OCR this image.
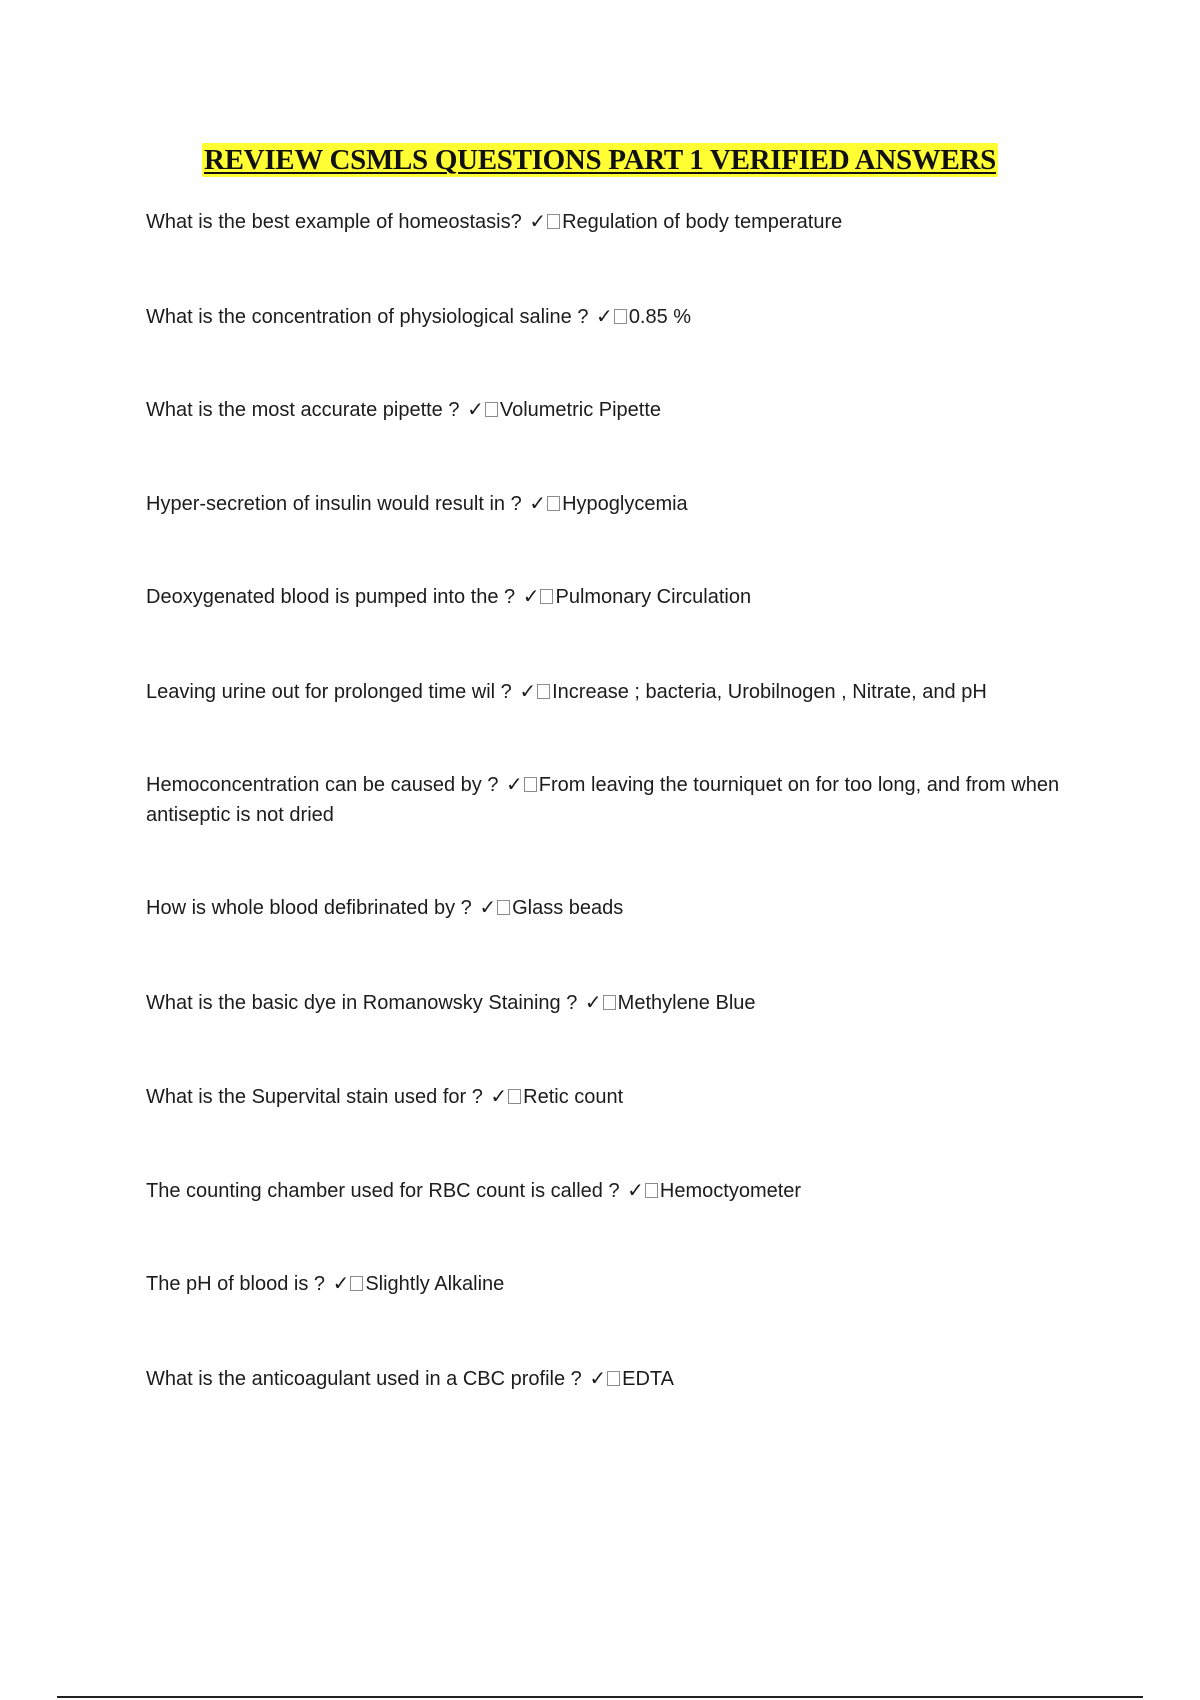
REVIEW CSMLS QUESTIONS PART 1 VERIFIED ANSWERS
What is the best example of homeostasis? ✓ Regulation of body temperature
What is the concentration of physiological saline ? ✓ 0.85 %
What is the most accurate pipette ? ✓ Volumetric Pipette
Hyper-secretion of insulin would result in ? ✓ Hypoglycemia
Deoxygenated blood is pumped into the ? ✓ Pulmonary Circulation
Leaving urine out for prolonged time wil ? ✓ Increase ; bacteria, Urobilnogen , Nitrate, and pH
Hemoconcentration can be caused by ? ✓ From leaving the tourniquet on for too long, and from when antiseptic is not dried
How is whole blood defibrinated by ? ✓ Glass beads
What is the basic dye in Romanowsky Staining ? ✓ Methylene Blue
What is the Supervital stain used for ? ✓ Retic count
The counting chamber used for RBC count is called ? ✓ Hemoctyometer
The pH of blood is ? ✓ Slightly Alkaline
What is the anticoagulant used in a CBC profile ? ✓ EDTA
